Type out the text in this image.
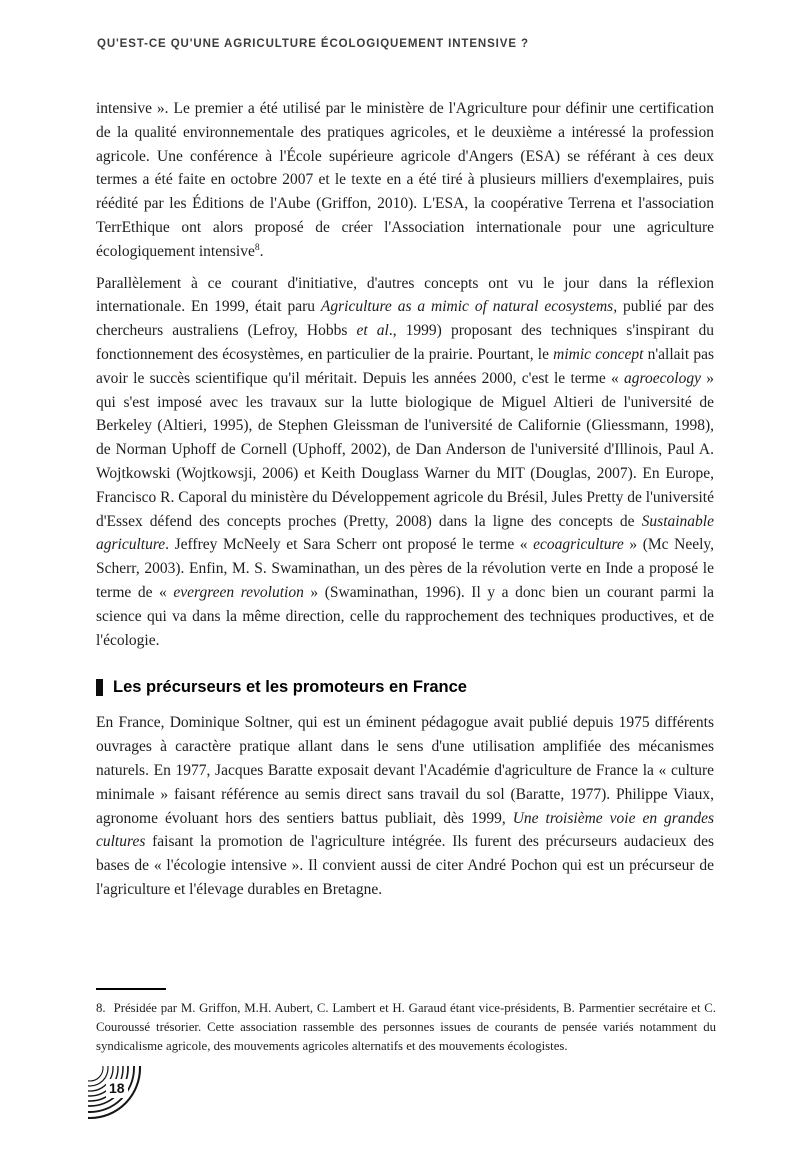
QU'EST-CE QU'UNE AGRICULTURE ÉCOLOGIQUEMENT INTENSIVE ?

intensive ». Le premier a été utilisé par le ministère de l'Agriculture pour définir une certification de la qualité environnementale des pratiques agricoles, et le deuxième a intéressé la profession agricole. Une conférence à l'École supérieure agricole d'Angers (ESA) se référant à ces deux termes a été faite en octobre 2007 et le texte en a été tiré à plusieurs milliers d'exemplaires, puis réédité par les Éditions de l'Aube (Griffon, 2010). L'ESA, la coopérative Terrena et l'association TerrEthique ont alors proposé de créer l'Association internationale pour une agriculture écologiquement intensive$^8$.

Parallèlement à ce courant d'initiative, d'autres concepts ont vu le jour dans la réflexion internationale. En 1999, était paru Agriculture as a mimic of natural ecosystems, publié par des chercheurs australiens (Lefroy, Hobbs et al., 1999) proposant des techniques s'inspirant du fonctionnement des écosystèmes, en particulier de la prairie. Pourtant, le mimic concept n'allait pas avoir le succès scientifique qu'il méritait. Depuis les années 2000, c'est le terme « agroecology » qui s'est imposé avec les travaux sur la lutte biologique de Miguel Altieri de l'université de Berkeley (Altieri, 1995), de Stephen Gleissman de l'université de Californie (Gliessmann, 1998), de Norman Uphoff de Cornell (Uphoff, 2002), de Dan Anderson de l'université d'Illinois, Paul A. Wojtkowski (Wojtkowsji, 2006) et Keith Douglass Warner du MIT (Douglas, 2007). En Europe, Francisco R. Caporal du ministère du Développement agricole du Brésil, Jules Pretty de l'université d'Essex défend des concepts proches (Pretty, 2008) dans la ligne des concepts de Sustainable agriculture. Jeffrey McNeely et Sara Scherr ont proposé le terme « ecoagriculture » (Mc Neely, Scherr, 2003). Enfin, M. S. Swaminathan, un des pères de la révolution verte en Inde a proposé le terme de « evergreen revolution » (Swaminathan, 1996). Il y a donc bien un courant parmi la science qui va dans la même direction, celle du rapprochement des techniques productives, et de l'écologie.

Les précurseurs et les promoteurs en France

En France, Dominique Soltner, qui est un éminent pédagogue avait publié depuis 1975 différents ouvrages à caractère pratique allant dans le sens d'une utilisation amplifiée des mécanismes naturels. En 1977, Jacques Baratte exposait devant l'Académie d'agriculture de France la « culture minimale » faisant référence au semis direct sans travail du sol (Baratte, 1977). Philippe Viaux, agronome évoluant hors des sentiers battus publiait, dès 1999, Une troisième voie en grandes cultures faisant la promotion de l'agriculture intégrée. Ils furent des précurseurs audacieux des bases de « l'écologie intensive ». Il convient aussi de citer André Pochon qui est un précurseur de l'agriculture et l'élevage durables en Bretagne.

8. Présidée par M. Griffon, M.H. Aubert, C. Lambert et H. Garaud étant vice-présidents, B. Parmentier secrétaire et C. Couroussé trésorier. Cette association rassemble des personnes issues de courants de pensée variés notamment du syndicalisme agricole, des mouvements agricoles alternatifs et des mouvements écologistes.

18
